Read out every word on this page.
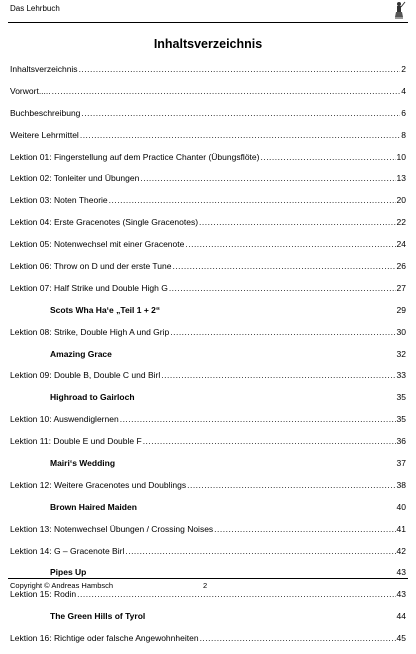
Das Lehrbuch
Inhaltsverzeichnis
Inhaltsverzeichnis .....	2
Vorwort..... .....	4
Buchbeschreibung .....	6
Weitere Lehrmittel .....	8
Lektion 01: Fingerstellung auf dem Practice Chanter (Übungsflöte) .....	10
Lektion 02: Tonleiter und Übungen .....	13
Lektion 03: Noten Theorie .....	20
Lektion 04: Erste Gracenotes (Single Gracenotes) .....	22
Lektion 05: Notenwechsel mit einer Gracenote .....	24
Lektion 06: Throw on D und der erste Tune .....	26
Lektion 07: Half Strike und Double High G .....	27
Scots Wha Ha‘e „Teil 1 + 2“	29
Lektion 08: Strike, Double High A und Grip .....	30
Amazing Grace	32
Lektion 09: Double B, Double C und Birl .....	33
Highroad to Gairloch	35
Lektion 10: Auswendiglernen .....	35
Lektion 11: Double E und Double F .....	36
Mairi‘s Wedding	37
Lektion 12: Weitere Gracenotes und Doublings .....	38
Brown Haired Maiden	40
Lektion 13: Notenwechsel Übungen / Crossing Noises .....	41
Lektion 14: G – Gracenote Birl .....	42
Pipes Up	43
Lektion 15: Rodin .....	43
The Green Hills of Tyrol	44
Lektion 16: Richtige oder falsche Angewohnheiten .....	45
Copyright © Andreas Hambsch	2
